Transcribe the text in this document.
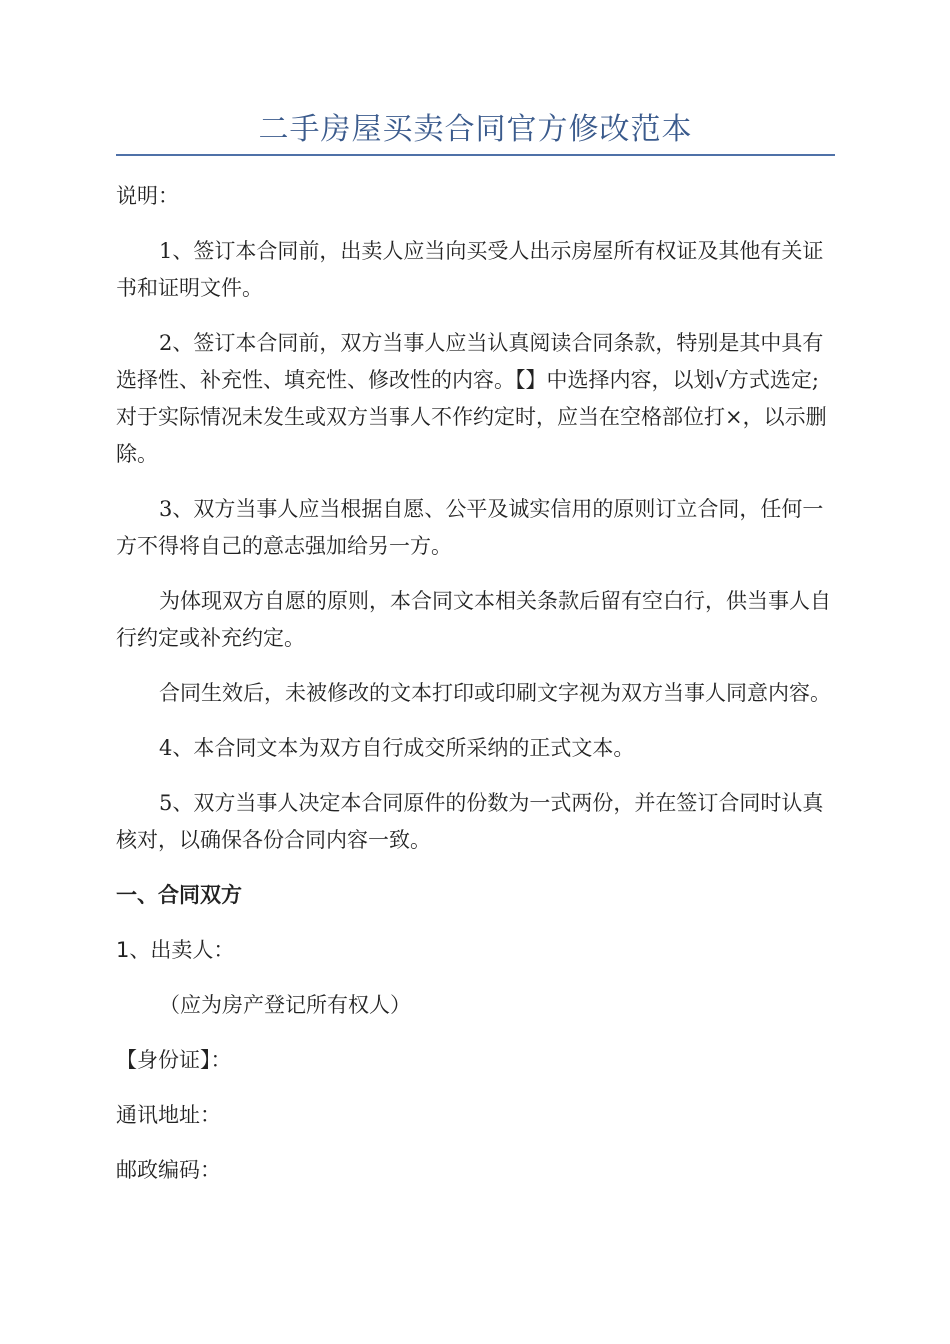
二手房屋买卖合同官方修改范本

说明：

1、签订本合同前，出卖人应当向买受人出示房屋所有权证及其他有关证书和证明文件。

2、签订本合同前，双方当事人应当认真阅读合同条款，特别是其中具有选择性、补充性、填充性、修改性的内容。【】中选择内容，以划√方式选定;对于实际情况未发生或双方当事人不作约定时，应当在空格部位打×，以示删除。

3、双方当事人应当根据自愿、公平及诚实信用的原则订立合同，任何一方不得将自己的意志强加给另一方。

为体现双方自愿的原则，本合同文本相关条款后留有空白行，供当事人自行约定或补充约定。

合同生效后，未被修改的文本打印或印刷文字视为双方当事人同意内容。

4、本合同文本为双方自行成交所采纳的正式文本。

5、双方当事人决定本合同原件的份数为一式两份，并在签订合同时认真核对，以确保各份合同内容一致。

一、合同双方

1、出卖人：

（应为房产登记所有权人）

【身份证】：

通讯地址：

邮政编码：
